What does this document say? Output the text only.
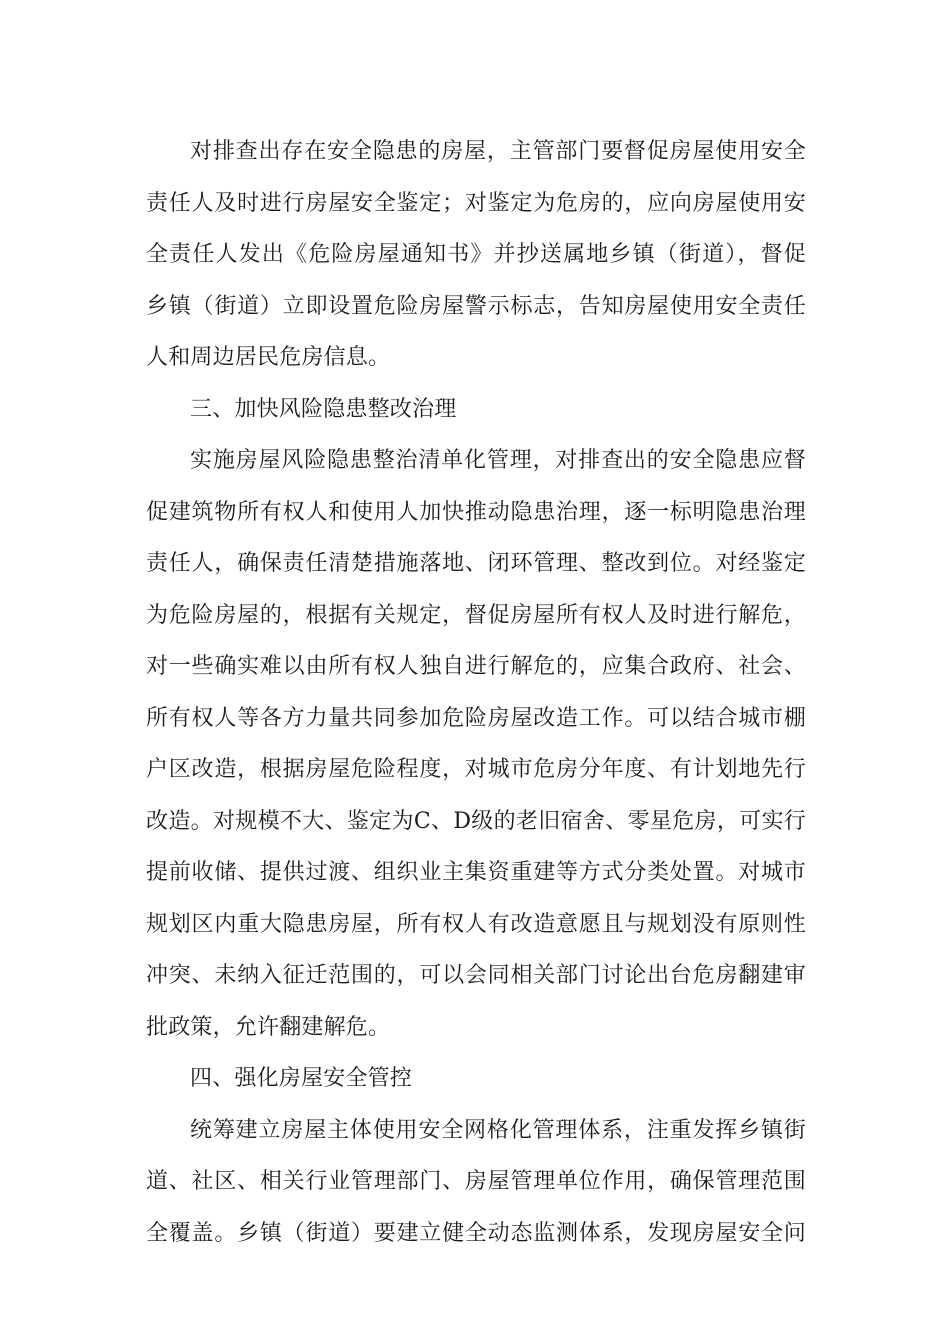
对排查出存在安全隐患的房屋，主管部门要督促房屋使用安全
责任人及时进行房屋安全鉴定；对鉴定为危房的，应向房屋使用安
全责任人发出《危险房屋通知书》并抄送属地乡镇（街道），督促
乡镇（街道）立即设置危险房屋警示标志，告知房屋使用安全责任
人和周边居民危房信息。
三、加快风险隐患整改治理
实施房屋风险隐患整治清单化管理，对排查出的安全隐患应督
促建筑物所有权人和使用人加快推动隐患治理，逐一标明隐患治理
责任人，确保责任清楚措施落地、闭环管理、整改到位。对经鉴定
为危险房屋的，根据有关规定，督促房屋所有权人及时进行解危，
对一些确实难以由所有权人独自进行解危的，应集合政府、社会、
所有权人等各方力量共同参加危险房屋改造工作。可以结合城市棚
户区改造，根据房屋危险程度，对城市危房分年度、有计划地先行
改造。对规模不大、鉴定为C、D级的老旧宿舍、零星危房，可实行
提前收储、提供过渡、组织业主集资重建等方式分类处置。对城市
规划区内重大隐患房屋，所有权人有改造意愿且与规划没有原则性
冲突、未纳入征迁范围的，可以会同相关部门讨论出台危房翻建审
批政策，允许翻建解危。
四、强化房屋安全管控
统筹建立房屋主体使用安全网格化管理体系，注重发挥乡镇街
道、社区、相关行业管理部门、房屋管理单位作用，确保管理范围
全覆盖。乡镇（街道）要建立健全动态监测体系，发现房屋安全问
